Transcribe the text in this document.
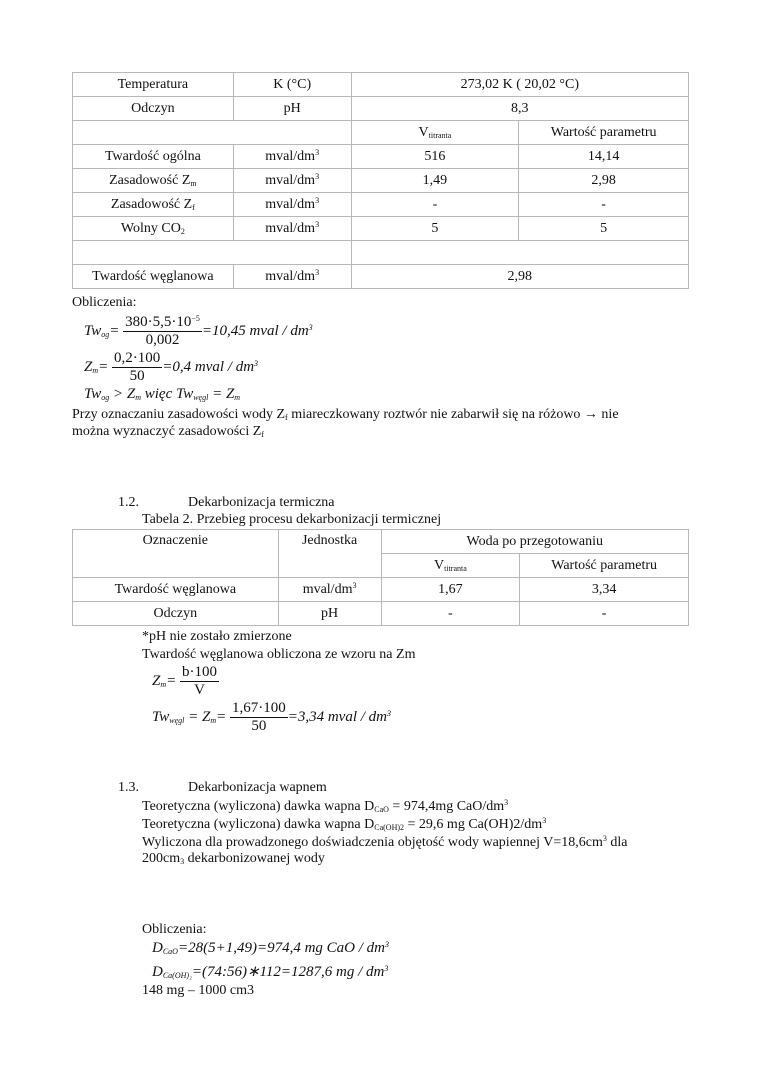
Temperatura	K (°C)	273,02 K ( 20,02 °C)	
Odczyn	pH	8,3	
		$V_{titranta}$	Wartość parametru
Twardość ogólna	mval/$dm^3$	516	14,14
Zasadowość $Z_m$	mval/$dm^3$	1,49	2,98
Zasadowość $Z_f$	mval/$dm^3$	-	-
Wolny $CO_2$	mval/$dm^3$	5	5

Twardość węglanowa	mval/$dm^3$	2,98	
Obliczenia:
$Tw_{og}= \frac{380\cdot 5,5\cdot 10^{-5}}{0,002} =10,45$ mval / $dm^3$
$Z_m= \frac{0,2\cdot 100}{50} =0,4$ mval / $dm^3$
$Tw_{og} > Z_m$ więc $Tw_{węgl} = Z_m$
Przy oznaczaniu zasadowości wody $Z_f$ miareczkowany roztwór nie zabarwił się na różowo → nie
można wyznaczyć zasadowości $Z_f$
1.2.	Dekarbonizacja termiczna
Tabela 2. Przebieg procesu dekarbonizacji termicznej
Oznaczenie	Jednostka	Woda po przegotowaniu	
		$V_{titranta}$	Wartość parametru
Twardość węglanowa	mval/$dm^3$	1,67	3,34
Odczyn	pH	-	-
*pH nie zostało zmierzone
Twardość węglanowa obliczona ze wzoru na Zm
$Z_m= \frac{b\cdot 100}{V}$
$Tw_{węgl} = Z_m= \frac{1,67\cdot 100}{50} =3,34$ mval / $dm^3$
1.3.	Dekarbonizacja wapnem
Teoretyczna (wyliczona) dawka wapna $D_{CaO} = 974,4mg$ CaO/$dm^3$
Teoretyczna (wyliczona) dawka wapna $D_{Ca(OH)2} = 29,6$ mg $Ca(OH)2/dm^3$
Wyliczona dla prowadzonego doświadczenia objętość wody wapiennej $V=18,6cm^3$ dla
$200cm_3$ dekarbonizowanej wody
Obliczenia:
$D_{CaO}=28(5+1,49)=974,4$ mg CaO / $dm^3$
$D_{Ca(OH)_2}=(74:56)∗112=1287,6$ mg / $dm^3$
148 mg – 1000 cm3
